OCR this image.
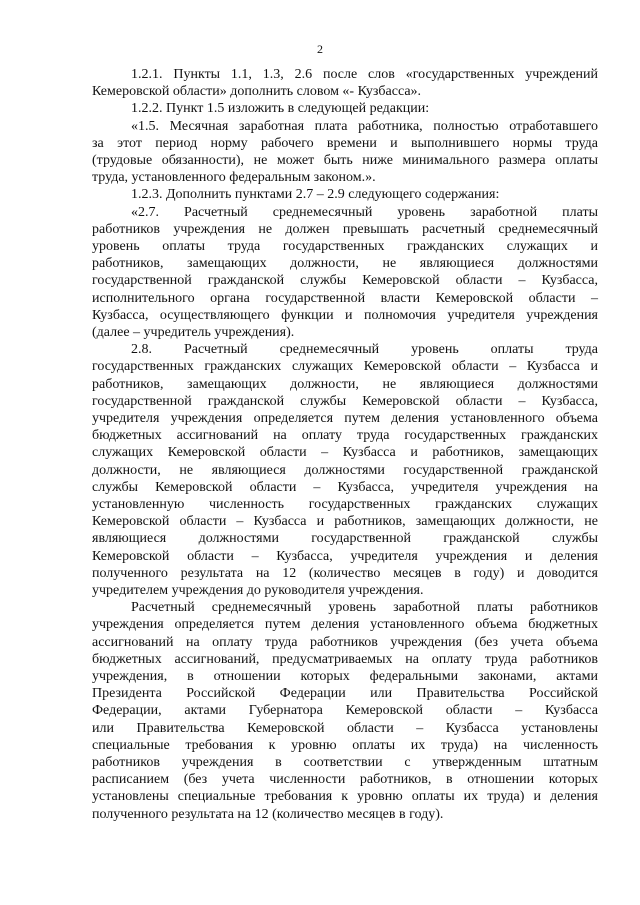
2
1.2.1. Пункты 1.1, 1.3, 2.6 после слов «государственных учреждений
Кемеровской области» дополнить словом «- Кузбасса».
1.2.2. Пункт 1.5 изложить в следующей редакции:
«1.5. Месячная заработная плата работника, полностью отработавшего
за этот период норму рабочего времени и выполнившего нормы труда
(трудовые обязанности), не может быть ниже минимального размера оплаты
труда, установленного федеральным законом.».
1.2.3. Дополнить пунктами 2.7 – 2.9 следующего содержания:
«2.7. Расчетный среднемесячный уровень заработной платы
работников учреждения не должен превышать расчетный среднемесячный
уровень оплаты труда государственных гражданских служащих и
работников, замещающих должности, не являющиеся должностями
государственной гражданской службы Кемеровской области – Кузбасса,
исполнительного органа государственной власти Кемеровской области –
Кузбасса, осуществляющего функции и полномочия учредителя учреждения
(далее – учредитель учреждения).
2.8. Расчетный среднемесячный уровень оплаты труда
государственных гражданских служащих Кемеровской области – Кузбасса и
работников, замещающих должности, не являющиеся должностями
государственной гражданской службы Кемеровской области – Кузбасса,
учредителя учреждения определяется путем деления установленного объема
бюджетных ассигнований на оплату труда государственных гражданских
служащих Кемеровской области – Кузбасса и работников, замещающих
должности, не являющиеся должностями государственной гражданской
службы Кемеровской области – Кузбасса, учредителя учреждения на
установленную численность государственных гражданских служащих
Кемеровской области – Кузбасса и работников, замещающих должности, не
являющиеся должностями государственной гражданской службы
Кемеровской области – Кузбасса, учредителя учреждения и деления
полученного результата на 12 (количество месяцев в году) и доводится
учредителем учреждения до руководителя учреждения.
Расчетный среднемесячный уровень заработной платы работников
учреждения определяется путем деления установленного объема бюджетных
ассигнований на оплату труда работников учреждения (без учета объема
бюджетных ассигнований, предусматриваемых на оплату труда работников
учреждения, в отношении которых федеральными законами, актами
Президента Российской Федерации или Правительства Российской
Федерации, актами Губернатора Кемеровской области – Кузбасса
или Правительства Кемеровской области – Кузбасса установлены
специальные требования к уровню оплаты их труда) на численность
работников учреждения в соответствии с утвержденным штатным
расписанием (без учета численности работников, в отношении которых
установлены специальные требования к уровню оплаты их труда) и деления
полученного результата на 12 (количество месяцев в году).
